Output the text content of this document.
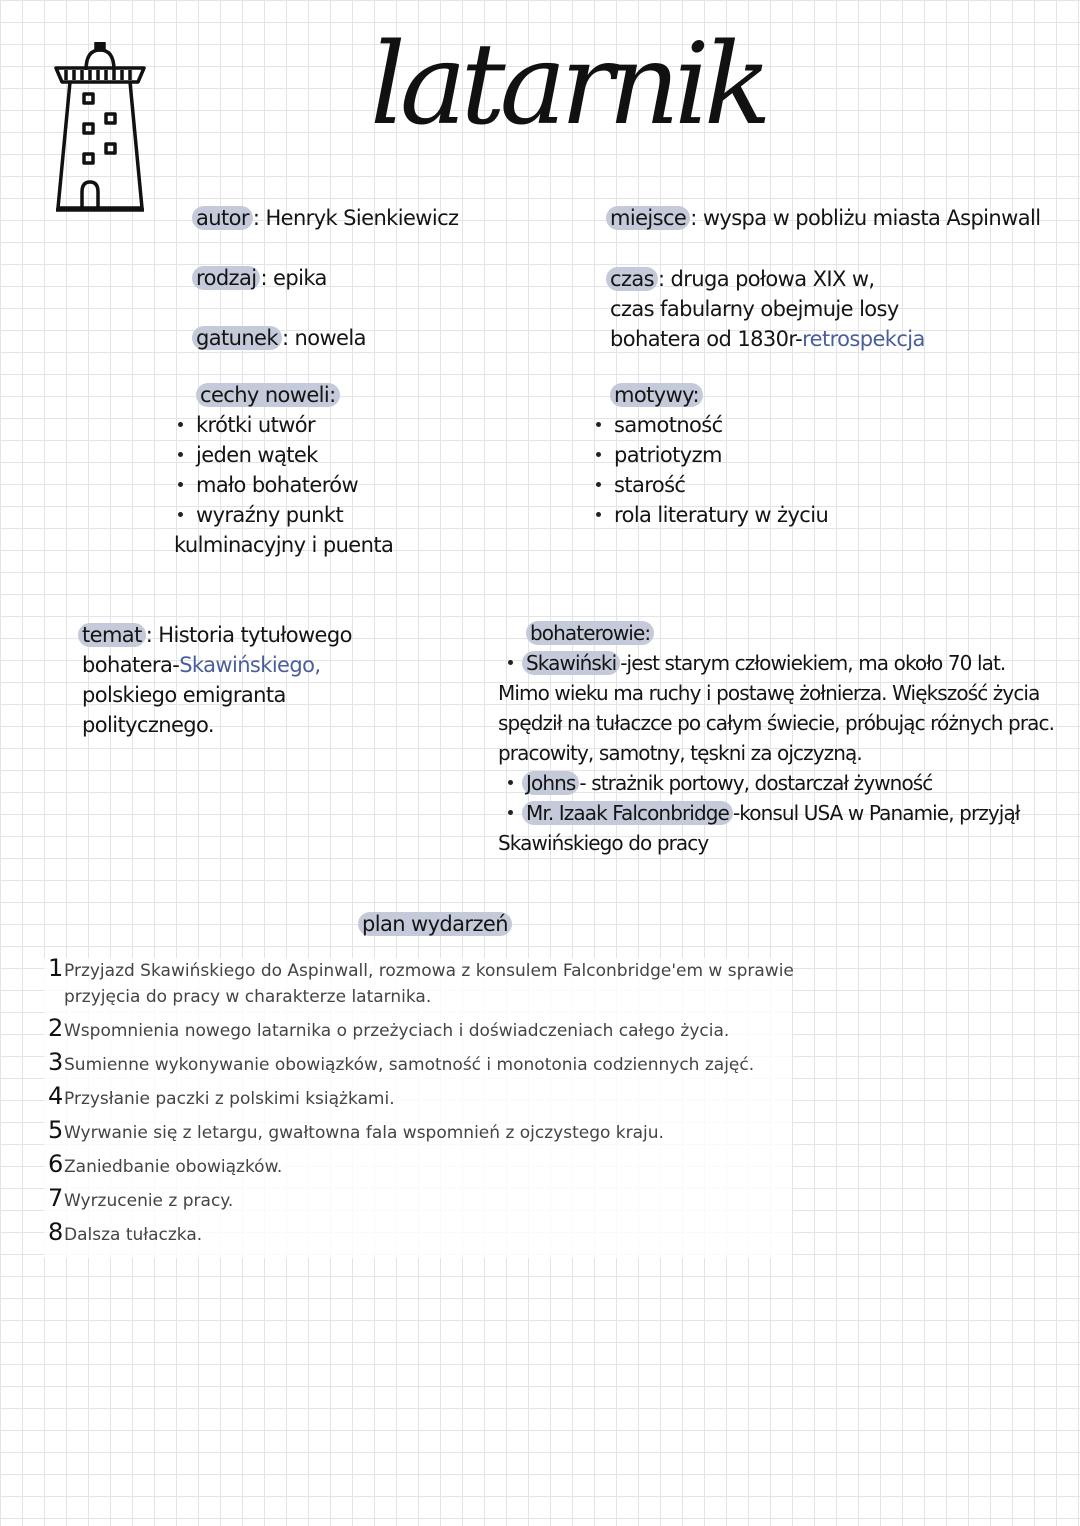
latarnik
autor : Henryk Sienkiewicz
rodzaj : epika
gatunek : nowela
cechy noweli:
krótki utwór
jeden wątek
mało bohaterów
wyraźny punkt
kulminacyjny i puenta
miejsce : wyspa w pobliżu miasta Aspinwall
czas : druga połowa XIX w,
czas fabularny obejmuje losy
bohatera od 1830r-retrospekcja
motywy:
samotność
patriotyzm
starość
rola literatury w życiu
temat : Historia tytułowego
bohatera-Skawińskiego,
polskiego emigranta
politycznego.
bohaterowie:
Skawiński -jest starym człowiekiem, ma około 70 lat.
Mimo wieku ma ruchy i postawę żołnierza. Większość życia
spędził na tułaczce po całym świecie, próbując różnych prac.
pracowity, samotny, tęskni za ojczyzną.
Johns - strażnik portowy, dostarczał żywność
Mr. Izaak Falconbridge -konsul USA w Panamie, przyjął
Skawińskiego do pracy
plan wydarzeń
1 Przyjazd Skawińskiego do Aspinwall, rozmowa z konsulem Falconbridge'em w sprawie przyjęcia do pracy w charakterze latarnika.
2 Wspomnienia nowego latarnika o przeżyciach i doświadczeniach całego życia.
3 Sumienne wykonywanie obowiązków, samotność i monotonia codziennych zajęć.
4 Przysłanie paczki z polskimi książkami.
5 Wyrwanie się z letargu, gwałtowna fala wspomnień z ojczystego kraju.
6 Zaniedbanie obowiązków.
7 Wyrzucenie z pracy.
8 Dalsza tułaczka.
